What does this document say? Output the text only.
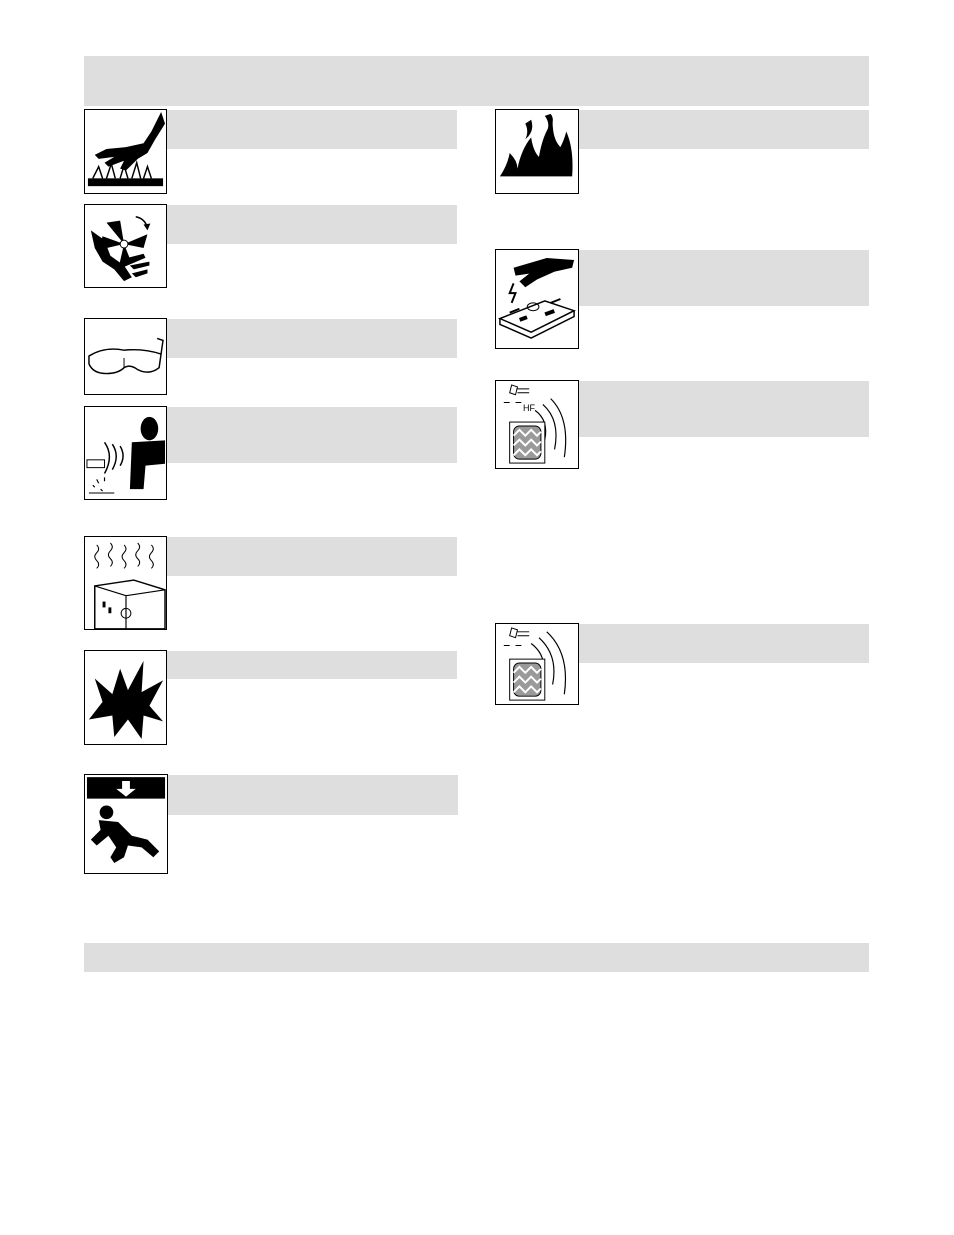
HF
